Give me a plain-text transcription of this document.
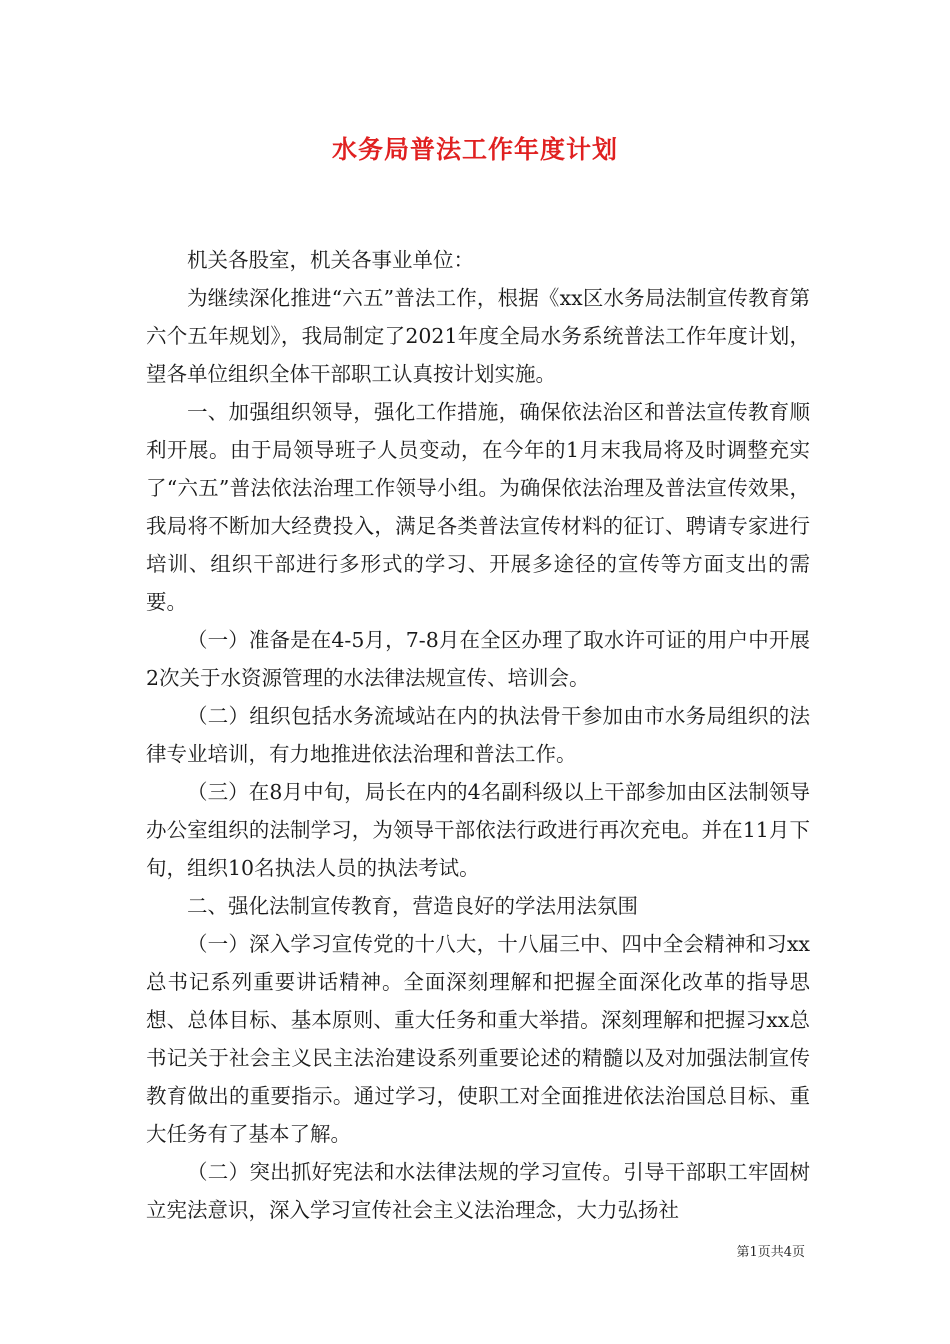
水务局普法工作年度计划

机关各股室，机关各事业单位：

为继续深化推进“六五”普法工作，根据《xx区水务局法制宣传教育第六个五年规划》，我局制定了2021年度全局水务系统普法工作年度计划，望各单位组织全体干部职工认真按计划实施。

一、加强组织领导，强化工作措施，确保依法治区和普法宣传教育顺利开展。由于局领导班子人员变动，在今年的1月末我局将及时调整充实了“六五”普法依法治理工作领导小组。为确保依法治理及普法宣传效果，我局将不断加大经费投入，满足各类普法宣传材料的征订、聘请专家进行培训、组织干部进行多形式的学习、开展多途径的宣传等方面支出的需要。

（一）准备是在4-5月，7-8月在全区办理了取水许可证的用户中开展2次关于水资源管理的水法律法规宣传、培训会。

（二）组织包括水务流域站在内的执法骨干参加由市水务局组织的法律专业培训，有力地推进依法治理和普法工作。

（三）在8月中旬，局长在内的4名副科级以上干部参加由区法制领导办公室组织的法制学习，为领导干部依法行政进行再次充电。并在11月下旬，组织10名执法人员的执法考试。

二、强化法制宣传教育，营造良好的学法用法氛围

（一）深入学习宣传党的十八大，十八届三中、四中全会精神和习xx总书记系列重要讲话精神。全面深刻理解和把握全面深化改革的指导思想、总体目标、基本原则、重大任务和重大举措。深刻理解和把握习xx总书记关于社会主义民主法治建设系列重要论述的精髓以及对加强法制宣传教育做出的重要指示。通过学习，使职工对全面推进依法治国总目标、重大任务有了基本了解。

（二）突出抓好宪法和水法律法规的学习宣传。引导干部职工牢固树立宪法意识，深入学习宣传社会主义法治理念，大力弘扬社

第1页共4页
